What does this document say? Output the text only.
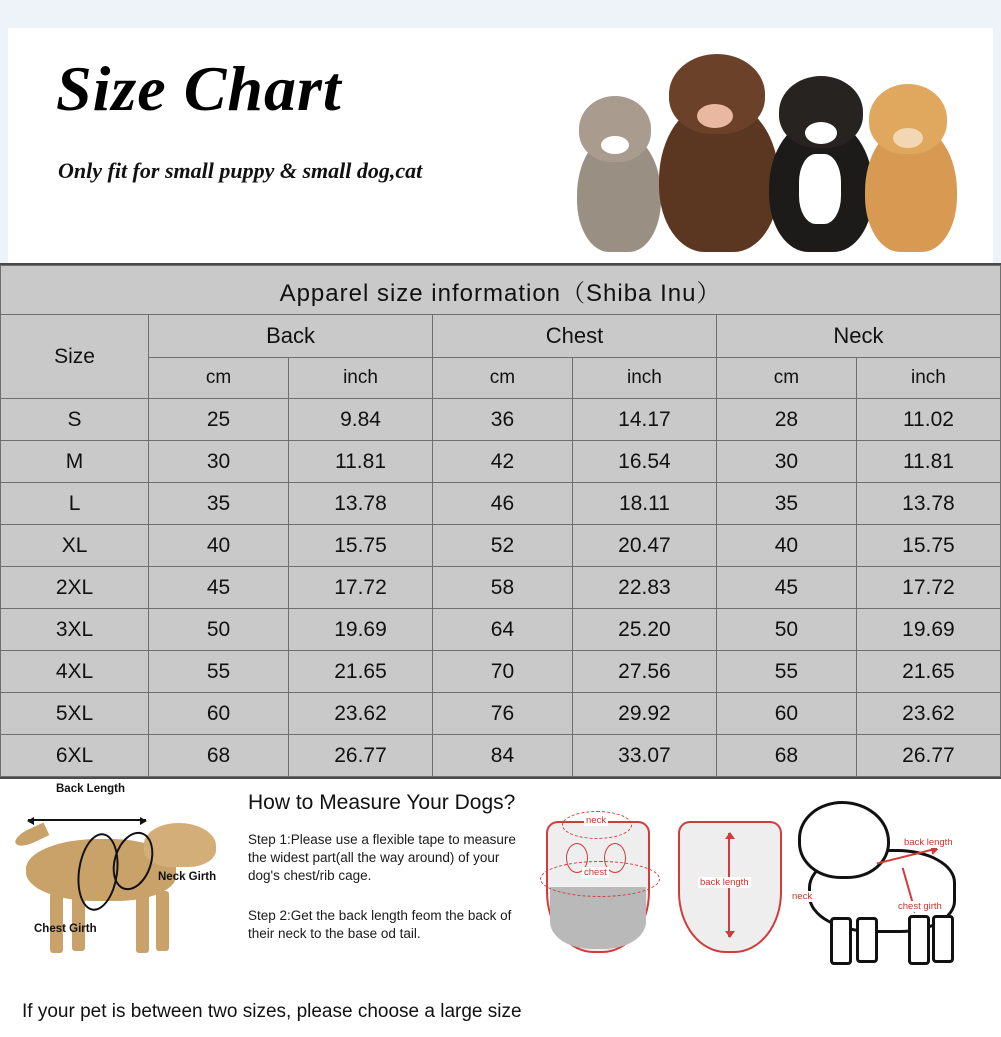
Size Chart
Only fit for small puppy & small dog,cat
Apparel size information（Shiba Inu）						
Size	Back		Chest		Neck	
	cm	inch	cm	inch	cm	inch
S	25	9.84	36	14.17	28	11.02
M	30	11.81	42	16.54	30	11.81
L	35	13.78	46	18.11	35	13.78
XL	40	15.75	52	20.47	40	15.75
2XL	45	17.72	58	22.83	45	17.72
3XL	50	19.69	64	25.20	50	19.69
4XL	55	21.65	70	27.56	55	21.65
5XL	60	23.62	76	29.92	60	23.62
6XL	68	26.77	84	33.07	68	26.77
Back Length
Neck Girth
Chest Girth
How to Measure Your Dogs?
Step 1:Please use a flexible tape to measure the widest part(all the way around) of your dog's chest/rib cage.
Step 2:Get the back length feom the back of their neck to the base od tail.
neck
chest
back length
back length
neck
chest girth
If your pet is between two sizes, please choose a large size
